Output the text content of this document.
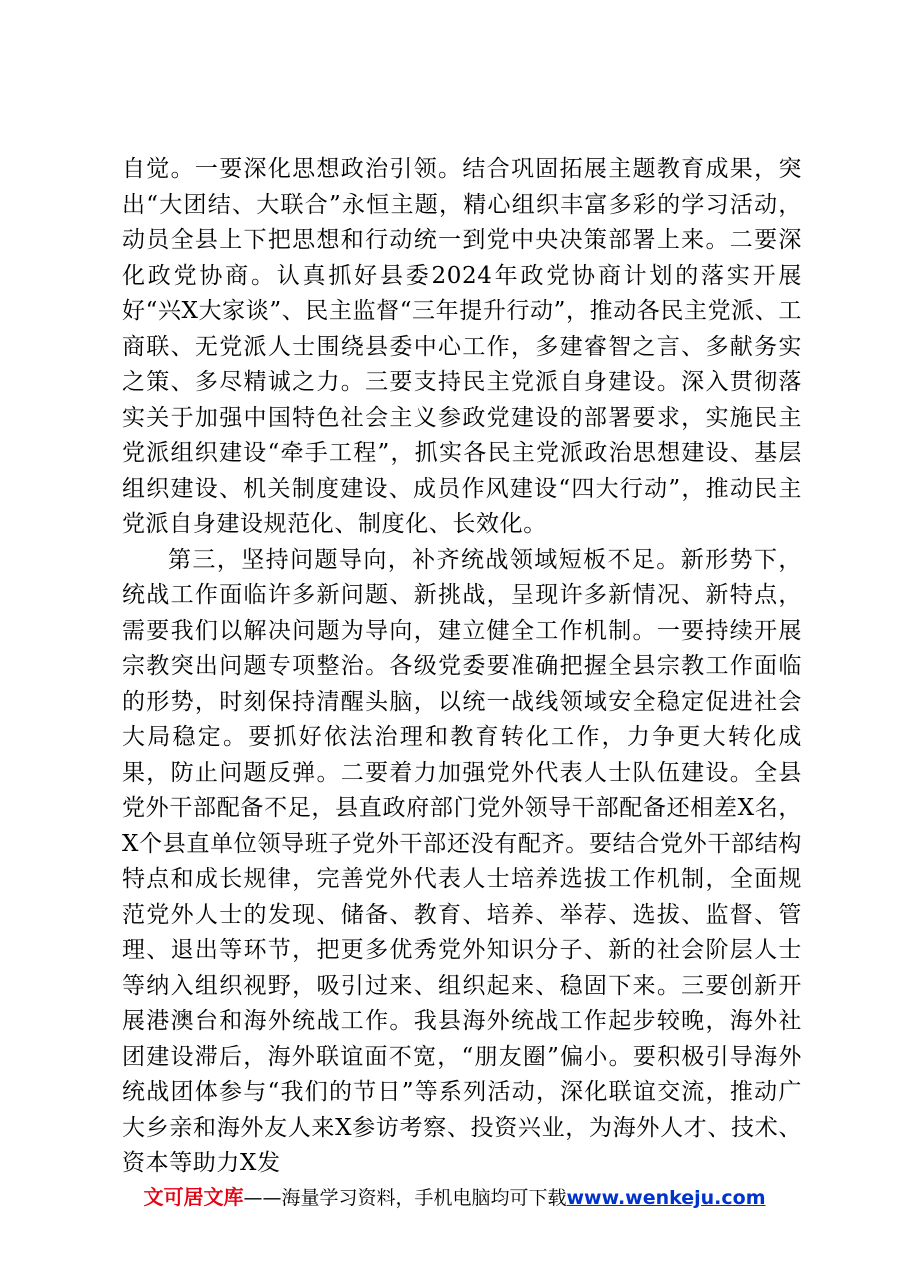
自觉。一要深化思想政治引领。结合巩固拓展主题教育成果，突出“大团结、大联合”永恒主题，精心组织丰富多彩的学习活动，动员全县上下把思想和行动统一到党中央决策部署上来。二要深化政党协商。认真抓好县委2024年政党协商计划的落实开展好“兴X大家谈”、民主监督“三年提升行动”，推动各民主党派、工商联、无党派人士围绕县委中心工作，多建睿智之言、多献务实之策、多尽精诚之力。三要支持民主党派自身建设。深入贯彻落实关于加强中国特色社会主义参政党建设的部署要求，实施民主党派组织建设“牵手工程”，抓实各民主党派政治思想建设、基层组织建设、机关制度建设、成员作风建设“四大行动”，推动民主党派自身建设规范化、制度化、长效化。

第三，坚持问题导向，补齐统战领域短板不足。新形势下，统战工作面临许多新问题、新挑战，呈现许多新情况、新特点，需要我们以解决问题为导向，建立健全工作机制。一要持续开展宗教突出问题专项整治。各级党委要准确把握全县宗教工作面临的形势，时刻保持清醒头脑，以统一战线领域安全稳定促进社会大局稳定。要抓好依法治理和教育转化工作，力争更大转化成果，防止问题反弹。二要着力加强党外代表人士队伍建设。全县党外干部配备不足，县直政府部门党外领导干部配备还相差X名，X个县直单位领导班子党外干部还没有配齐。要结合党外干部结构特点和成长规律，完善党外代表人士培养选拔工作机制，全面规范党外人士的发现、储备、教育、培养、举荐、选拔、监督、管理、退出等环节，把更多优秀党外知识分子、新的社会阶层人士等纳入组织视野，吸引过来、组织起来、稳固下来。三要创新开展港澳台和海外统战工作。我县海外统战工作起步较晚，海外社团建设滞后，海外联谊面不宽，“朋友圈”偏小。要积极引导海外统战团体参与“我们的节日”等系列活动，深化联谊交流，推动广大乡亲和海外友人来X参访考察、投资兴业，为海外人才、技术、资本等助力X发

文可居文库——海量学习资料，手机电脑均可下载www.wenkeju.com
